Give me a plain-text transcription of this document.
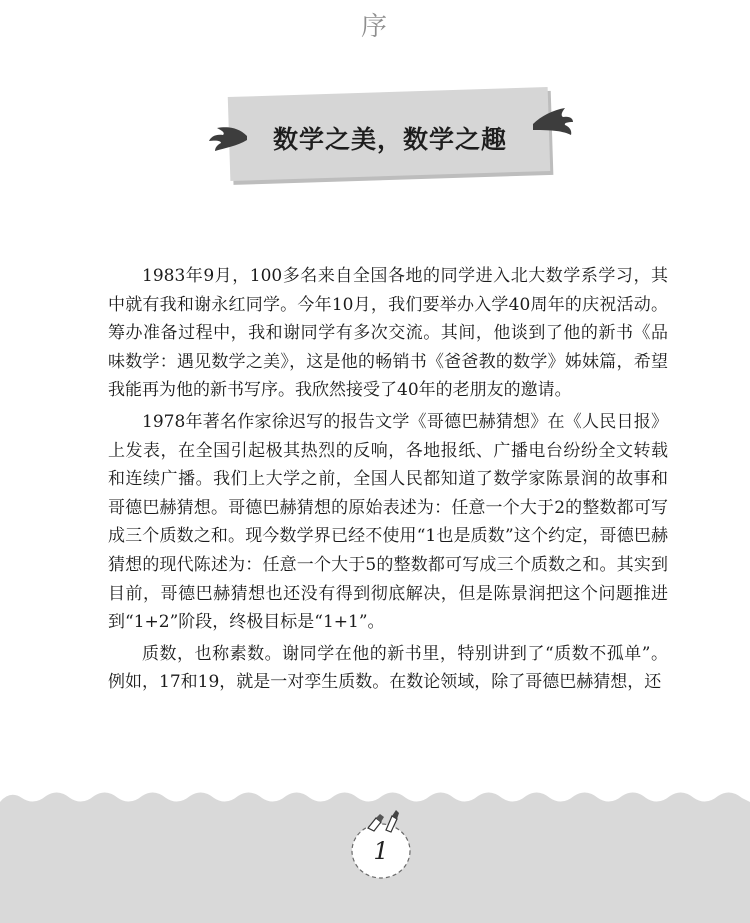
序
数学之美，数学之趣

1983年9月，100多名来自全国各地的同学进入北大数学系学习，其中就有我和谢永红同学。今年10月，我们要举办入学40周年的庆祝活动。筹办准备过程中，我和谢同学有多次交流。其间，他谈到了他的新书《品味数学：遇见数学之美》，这是他的畅销书《爸爸教的数学》姊妹篇，希望我能再为他的新书写序。我欣然接受了40年的老朋友的邀请。

1978年著名作家徐迟写的报告文学《哥德巴赫猜想》在《人民日报》上发表，在全国引起极其热烈的反响，各地报纸、广播电台纷纷全文转载和连续广播。我们上大学之前，全国人民都知道了数学家陈景润的故事和哥德巴赫猜想。哥德巴赫猜想的原始表述为：任意一个大于2的整数都可写成三个质数之和。现今数学界已经不使用“1也是质数”这个约定，哥德巴赫猜想的现代陈述为：任意一个大于5的整数都可写成三个质数之和。其实到目前，哥德巴赫猜想也还没有得到彻底解决，但是陈景润把这个问题推进到“1+2”阶段，终极目标是“1+1”。

质数，也称素数。谢同学在他的新书里，特别讲到了“质数不孤单”。例如，17和19，就是一对孪生质数。在数论领域，除了哥德巴赫猜想，还

1
